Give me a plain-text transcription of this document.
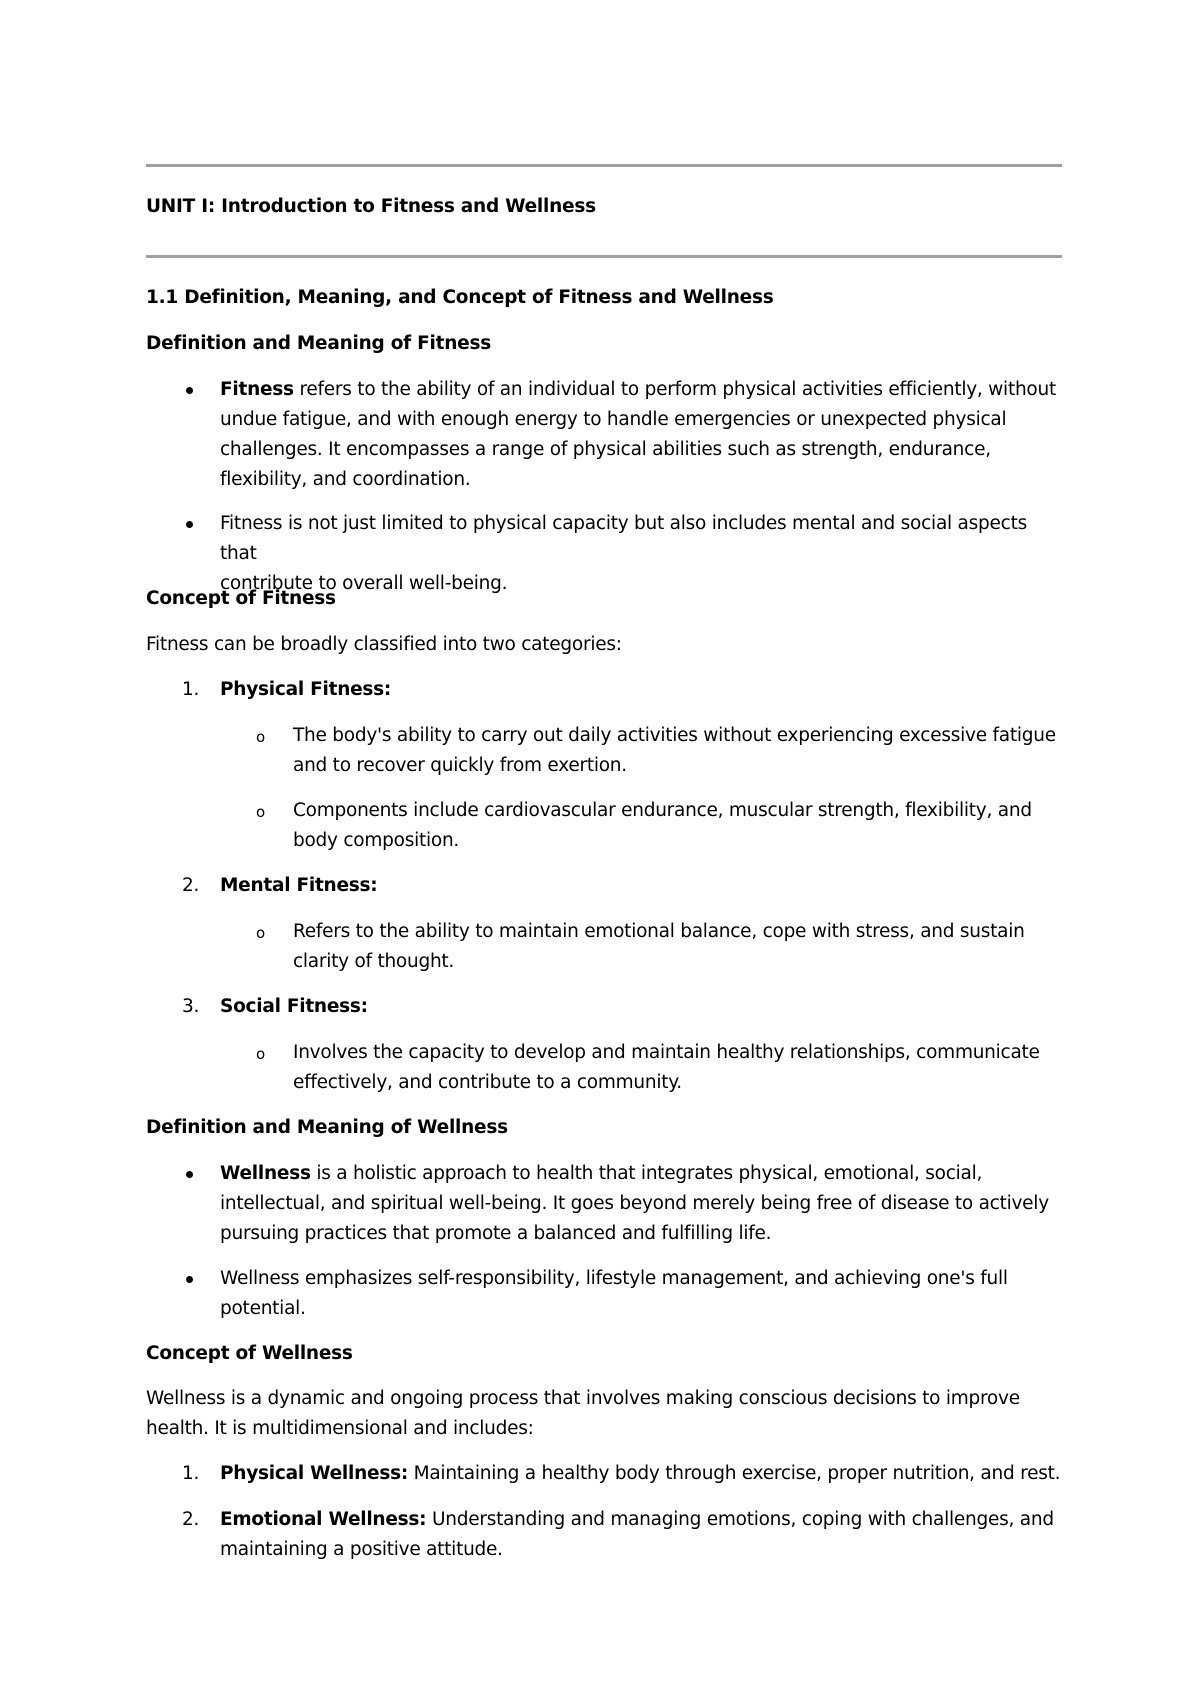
UNIT I: Introduction to Fitness and Wellness
1.1 Definition, Meaning, and Concept of Fitness and Wellness
Definition and Meaning of Fitness
Fitness refers to the ability of an individual to perform physical activities efficiently, without
undue fatigue, and with enough energy to handle emergencies or unexpected physical
challenges. It encompasses a range of physical abilities such as strength, endurance,
flexibility, and coordination.
Fitness is not just limited to physical capacity but also includes mental and social aspects that
contribute to overall well-being.
Concept of Fitness
Fitness can be broadly classified into two categories:
1.	Physical Fitness:
o The body's ability to carry out daily activities without experiencing excessive fatigue
and to recover quickly from exertion.
o Components include cardiovascular endurance, muscular strength, flexibility, and
body composition.
2.	Mental Fitness:
o Refers to the ability to maintain emotional balance, cope with stress, and sustain
clarity of thought.
3.	Social Fitness:
o Involves the capacity to develop and maintain healthy relationships, communicate
effectively, and contribute to a community.
Definition and Meaning of Wellness
Wellness is a holistic approach to health that integrates physical, emotional, social,
intellectual, and spiritual well-being. It goes beyond merely being free of disease to actively
pursuing practices that promote a balanced and fulfilling life.
Wellness emphasizes self-responsibility, lifestyle management, and achieving one's full
potential.
Concept of Wellness
Wellness is a dynamic and ongoing process that involves making conscious decisions to improve
health. It is multidimensional and includes:
1.	Physical Wellness: Maintaining a healthy body through exercise, proper nutrition, and rest.
2.	Emotional Wellness: Understanding and managing emotions, coping with challenges, and
maintaining a positive attitude.
